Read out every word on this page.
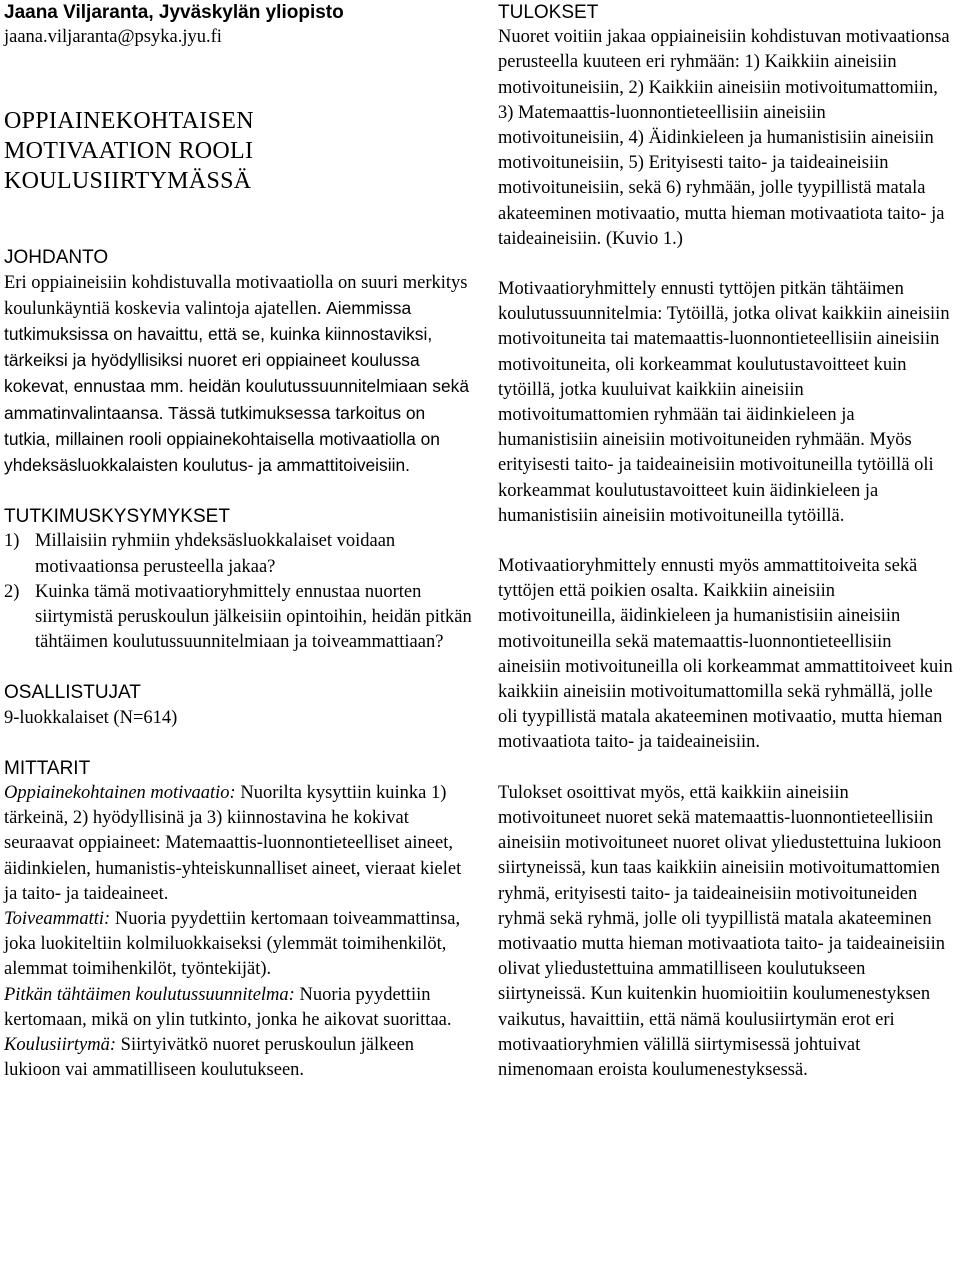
Jaana Viljaranta, Jyväskylän yliopisto
jaana.viljaranta@psyka.jyu.fi
OPPIAINEKOHTAISEN
MOTIVAATION ROOLI
KOULUSIIRTYMÄSSÄ
JOHDANTO

Eri oppiaineisiin kohdistuvalla motivaatiolla on suuri merkitys koulunkäyntiä koskevia valintoja ajatellen. Aiemmissa tutkimuksissa on havaittu, että se, kuinka kiinnostaviksi, tärkeiksi ja hyödyllisiksi nuoret eri oppiaineet koulussa kokevat, ennustaa mm. heidän koulutussuunnitelmiaan sekä ammatinvalintaansa. Tässä tutkimuksessa tarkoitus on tutkia, millainen rooli oppiainekohtaisella motivaatiolla on yhdeksäsluokkalaisten koulutus- ja ammattitoiveisiin.

TUTKIMUSKYSYMYKSET
1) Millaisiin ryhmiin yhdeksäsluokkalaiset voidaan motivaationsa perusteella jakaa?
2) Kuinka tämä motivaatioryhmittely ennustaa nuorten siirtymistä peruskoulun jälkeisiin opintoihin, heidän pitkän tähtäimen koulutussuunnitelmiaan ja toiveammattiaan?
OSALLISTUJAT
9-luokkalaiset (N=614)
MITTARIT

Oppiainekohtainen motivaatio: Nuorilta kysyttiin kuinka 1) tärkeinä, 2) hyödyllisinä ja 3) kiinnostavina he kokivat seuraavat oppiaineet: Matemaattis-luonnontieteelliset aineet, äidinkielen, humanistis-yhteiskunnalliset aineet, vieraat kielet ja taito- ja taideaineet.

Toiveammatti: Nuoria pyydettiin kertomaan toiveammattinsa, joka luokiteltiin kolmiluokkaiseksi (ylemmät toimihenkilöt, alemmat toimihenkilöt, työntekijät).

Pitkän tähtäimen koulutussuunnitelma: Nuoria pyydettiin kertomaan, mikä on ylin tutkinto, jonka he aikovat suorittaa.

Koulusiirtymä: Siirtyivätkö nuoret peruskoulun jälkeen lukioon vai ammatilliseen koulutukseen.

TULOKSET

Nuoret voitiin jakaa oppiaineisiin kohdistuvan motivaationsa perusteella kuuteen eri ryhmään: 1) Kaikkiin aineisiin motivoituneisiin, 2) Kaikkiin aineisiin motivoitumattomiin, 3) Matemaattis-luonnontieteellisiin aineisiin motivoituneisiin, 4) Äidinkieleen ja humanistisiin aineisiin motivoituneisiin, 5) Erityisesti taito- ja taideaineisiin motivoituneisiin, sekä 6) ryhmään, jolle tyypillistä matala akateeminen motivaatio, mutta hieman motivaatiota taito- ja taideaineisiin. (Kuvio 1.)

Motivaatioryhmittely ennusti tyttöjen pitkän tähtäimen koulutussuunnitelmia: Tytöillä, jotka olivat kaikkiin aineisiin motivoituneita tai matemaattis-luonnontieteellisiin aineisiin motivoituneita, oli korkeammat koulutustavoitteet kuin tytöillä, jotka kuuluivat kaikkiin aineisiin motivoitumattomien ryhmään tai äidinkieleen ja humanistisiin aineisiin motivoituneiden ryhmään. Myös erityisesti taito- ja taideaineisiin motivoituneilla tytöillä oli korkeammat koulutustavoitteet kuin äidinkieleen ja humanistisiin aineisiin motivoituneilla tytöillä.

Motivaatioryhmittely ennusti myös ammattitoiveita sekä tyttöjen että poikien osalta. Kaikkiin aineisiin motivoituneilla, äidinkieleen ja humanistisiin aineisiin motivoituneilla sekä matemaattis-luonnontieteellisiin aineisiin motivoituneilla oli korkeammat ammattitoiveet kuin kaikkiin aineisiin motivoitumattomilla sekä ryhmällä, jolle oli tyypillistä matala akateeminen motivaatio, mutta hieman motivaatiota taito- ja taideaineisiin.

Tulokset osoittivat myös, että kaikkiin aineisiin motivoituneet nuoret sekä matemaattis-luonnontieteellisiin aineisiin motivoituneet nuoret olivat yliedustettuina lukioon siirtyneissä, kun taas kaikkiin aineisiin motivoitumattomien ryhmä, erityisesti taito- ja taideaineisiin motivoituneiden ryhmä sekä ryhmä, jolle oli tyypillistä matala akateeminen motivaatio mutta hieman motivaatiota taito- ja taideaineisiin olivat yliedustettuina ammatilliseen koulutukseen siirtyneissä. Kun kuitenkin huomioitiin koulumenestyksen vaikutus, havaittiin, että nämä koulusiirtymän erot eri motivaatioryhmien välillä siirtymisessä johtuivat nimenomaan eroista koulumenestyksessä.
